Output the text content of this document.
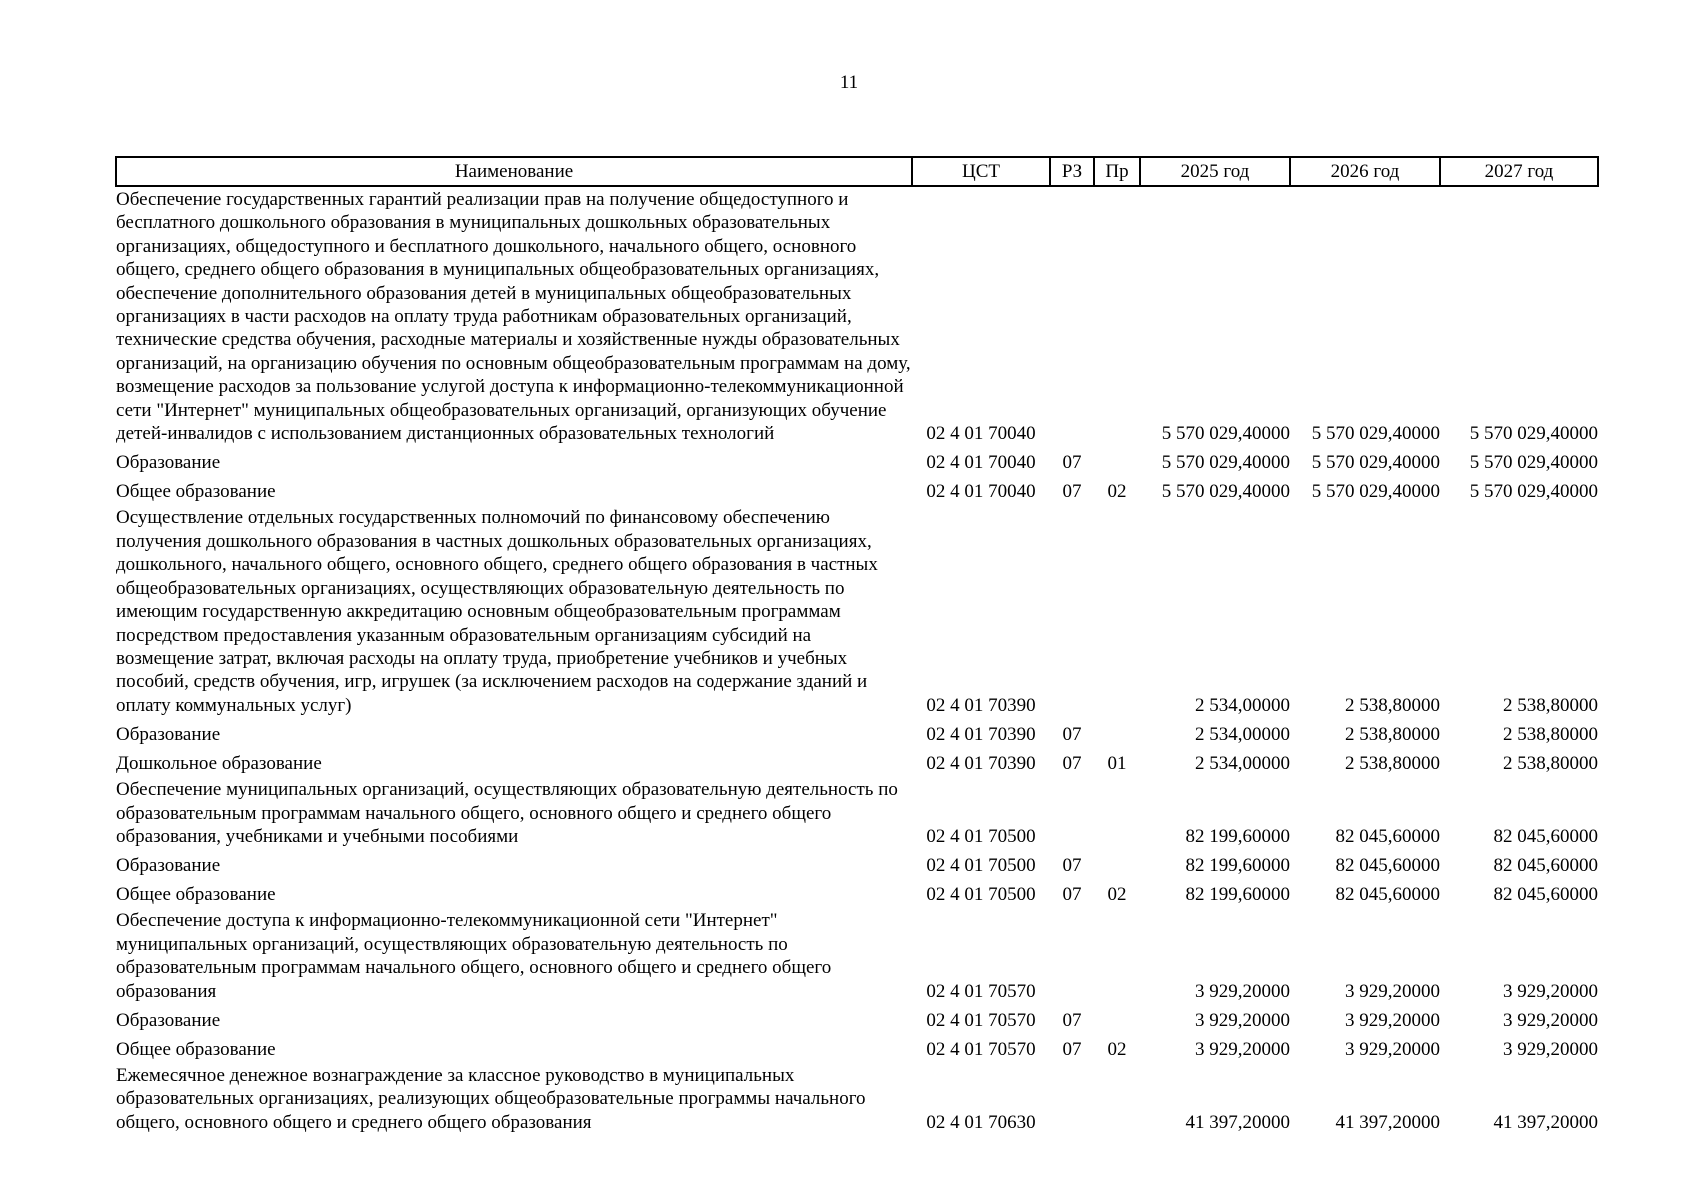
11
Наименование	ЦСТ	РЗ	Пр	2025 год	2026 год	2027 год
Обеспечение государственных гарантий реализации прав на получение общедоступного и бесплатного дошкольного образования в муниципальных дошкольных образовательных организациях, общедоступного и бесплатного дошкольного, начального общего, основного общего, среднего общего образования в муниципальных общеобразовательных организациях, обеспечение дополнительного образования детей в муниципальных общеобразовательных организациях в части расходов на оплату труда работникам образовательных организаций, технические средства обучения, расходные материалы и хозяйственные нужды образовательных организаций, на организацию обучения по основным общеобразовательным программам на дому, возмещение расходов за пользование услугой доступа к информационно-телекоммуникационной сети "Интернет" муниципальных общеобразовательных организаций, организующих обучение детей-инвалидов с использованием дистанционных образовательных технологий	02 4 01 70040			5 570 029,40000	5 570 029,40000	5 570 029,40000
Образование	02 4 01 70040	07		5 570 029,40000	5 570 029,40000	5 570 029,40000
Общее образование	02 4 01 70040	07	02	5 570 029,40000	5 570 029,40000	5 570 029,40000
Осуществление отдельных государственных полномочий по финансовому обеспечению получения дошкольного образования в частных дошкольных образовательных организациях, дошкольного, начального общего, основного общего, среднего общего образования в частных общеобразовательных организациях, осуществляющих образовательную деятельность по имеющим государственную аккредитацию основным общеобразовательным программам посредством предоставления указанным образовательным организациям субсидий на возмещение затрат, включая расходы на оплату труда, приобретение учебников и учебных пособий, средств обучения, игр, игрушек (за исключением расходов на содержание зданий и оплату коммунальных услуг)	02 4 01 70390			2 534,00000	2 538,80000	2 538,80000
Образование	02 4 01 70390	07		2 534,00000	2 538,80000	2 538,80000
Дошкольное образование	02 4 01 70390	07	01	2 534,00000	2 538,80000	2 538,80000
Обеспечение муниципальных организаций, осуществляющих образовательную деятельность по образовательным программам начального общего, основного общего и среднего общего образования, учебниками и учебными пособиями	02 4 01 70500			82 199,60000	82 045,60000	82 045,60000
Образование	02 4 01 70500	07		82 199,60000	82 045,60000	82 045,60000
Общее образование	02 4 01 70500	07	02	82 199,60000	82 045,60000	82 045,60000
Обеспечение доступа к информационно-телекоммуникационной сети "Интернет" муниципальных организаций, осуществляющих образовательную деятельность по образовательным программам начального общего, основного общего и среднего общего образования	02 4 01 70570			3 929,20000	3 929,20000	3 929,20000
Образование	02 4 01 70570	07		3 929,20000	3 929,20000	3 929,20000
Общее образование	02 4 01 70570	07	02	3 929,20000	3 929,20000	3 929,20000
Ежемесячное денежное вознаграждение за классное руководство в муниципальных образовательных организациях, реализующих общеобразовательные программы начального общего, основного общего и среднего общего образования	02 4 01 70630			41 397,20000	41 397,20000	41 397,20000
